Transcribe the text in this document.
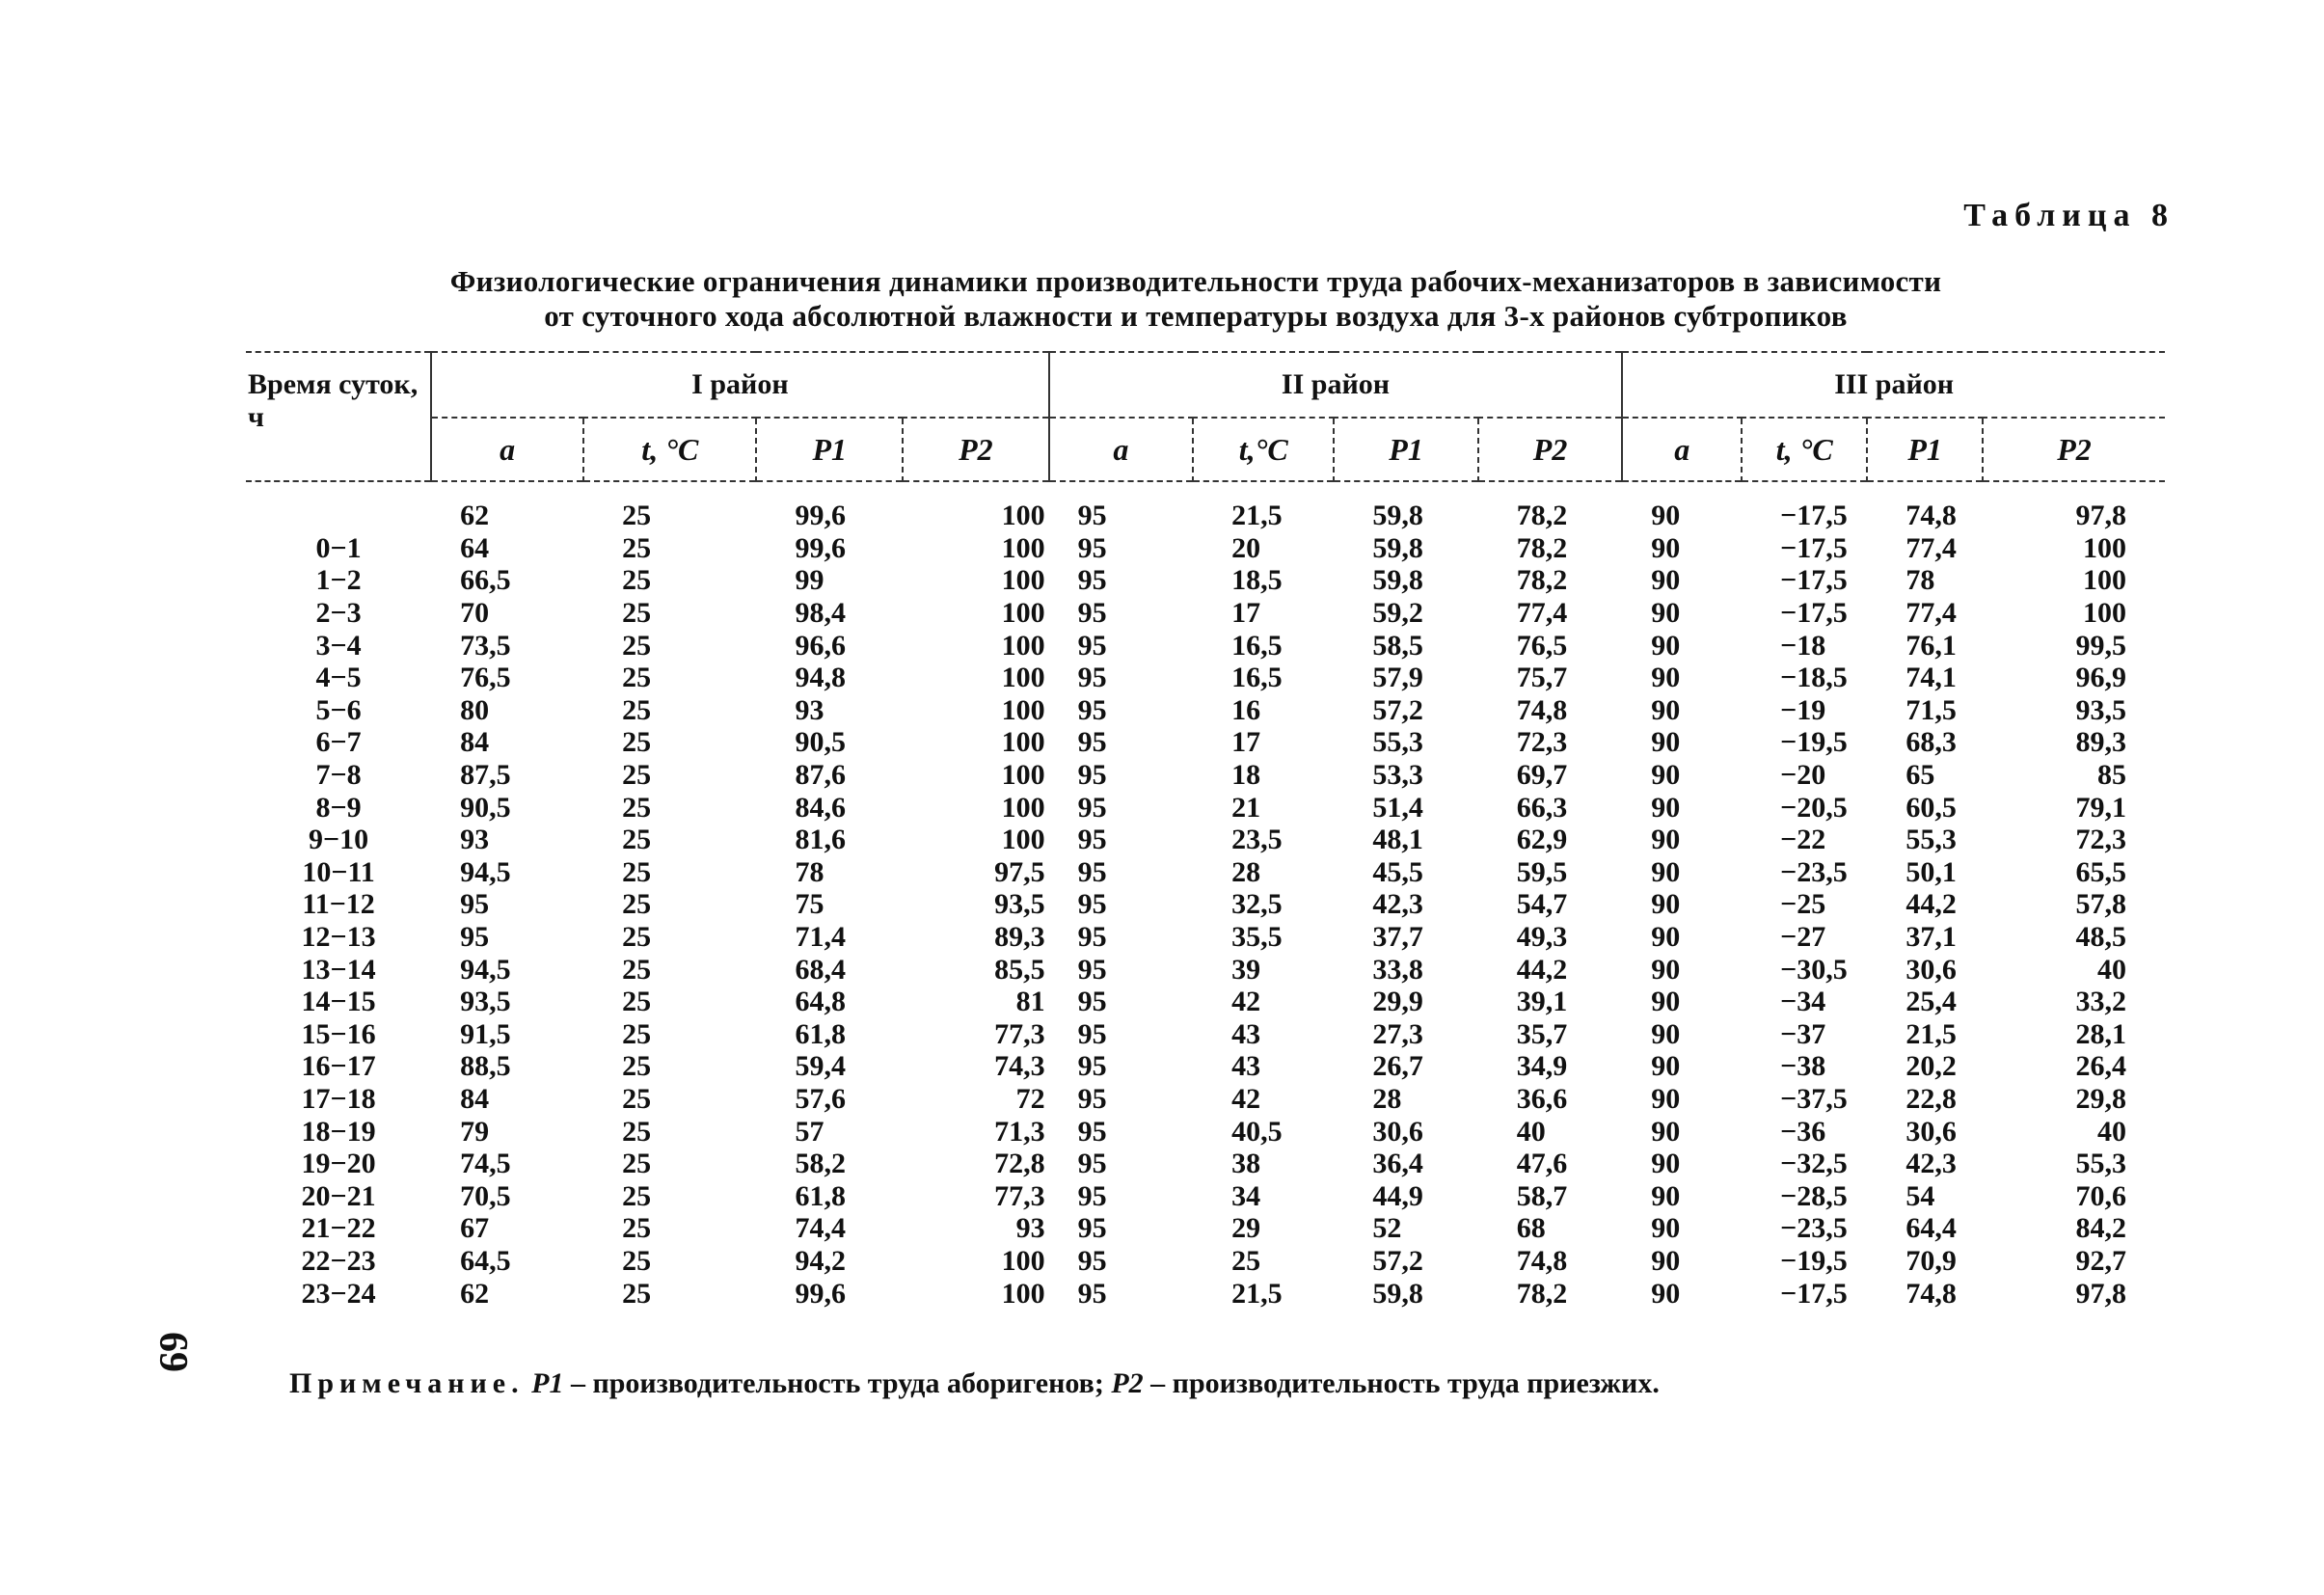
Таблица 8
Физиологические ограничения динамики производительности труда рабочих-механизаторов в зависимости
от суточного хода абсолютной влажности и температуры воздуха для 3-х районов субтропиков
Время суток, ч	I район				II район				III район			
	a	t, °C	P1	P2	a	t,°C	P1	P2	a	t, °C	P1	P2
	62	25	99,6	100	95	21,5	59,8	78,2	90	−17,5	74,8	97,8
0−1	64	25	99,6	100	95	20	59,8	78,2	90	−17,5	77,4	100
1−2	66,5	25	99	100	95	18,5	59,8	78,2	90	−17,5	78	100
2−3	70	25	98,4	100	95	17	59,2	77,4	90	−17,5	77,4	100
3−4	73,5	25	96,6	100	95	16,5	58,5	76,5	90	−18	76,1	99,5
4−5	76,5	25	94,8	100	95	16,5	57,9	75,7	90	−18,5	74,1	96,9
5−6	80	25	93	100	95	16	57,2	74,8	90	−19	71,5	93,5
6−7	84	25	90,5	100	95	17	55,3	72,3	90	−19,5	68,3	89,3
7−8	87,5	25	87,6	100	95	18	53,3	69,7	90	−20	65	85
8−9	90,5	25	84,6	100	95	21	51,4	66,3	90	−20,5	60,5	79,1
9−10	93	25	81,6	100	95	23,5	48,1	62,9	90	−22	55,3	72,3
10−11	94,5	25	78	97,5	95	28	45,5	59,5	90	−23,5	50,1	65,5
11−12	95	25	75	93,5	95	32,5	42,3	54,7	90	−25	44,2	57,8
12−13	95	25	71,4	89,3	95	35,5	37,7	49,3	90	−27	37,1	48,5
13−14	94,5	25	68,4	85,5	95	39	33,8	44,2	90	−30,5	30,6	40
14−15	93,5	25	64,8	81	95	42	29,9	39,1	90	−34	25,4	33,2
15−16	91,5	25	61,8	77,3	95	43	27,3	35,7	90	−37	21,5	28,1
16−17	88,5	25	59,4	74,3	95	43	26,7	34,9	90	−38	20,2	26,4
17−18	84	25	57,6	72	95	42	28	36,6	90	−37,5	22,8	29,8
18−19	79	25	57	71,3	95	40,5	30,6	40	90	−36	30,6	40
19−20	74,5	25	58,2	72,8	95	38	36,4	47,6	90	−32,5	42,3	55,3
20−21	70,5	25	61,8	77,3	95	34	44,9	58,7	90	−28,5	54	70,6
21−22	67	25	74,4	93	95	29	52	68	90	−23,5	64,4	84,2
22−23	64,5	25	94,2	100	95	25	57,2	74,8	90	−19,5	70,9	92,7
23−24	62	25	99,6	100	95	21,5	59,8	78,2	90	−17,5	74,8	97,8
69
Примечание. P1 – производительность труда аборигенов; P2 – производительность труда приезжих.
